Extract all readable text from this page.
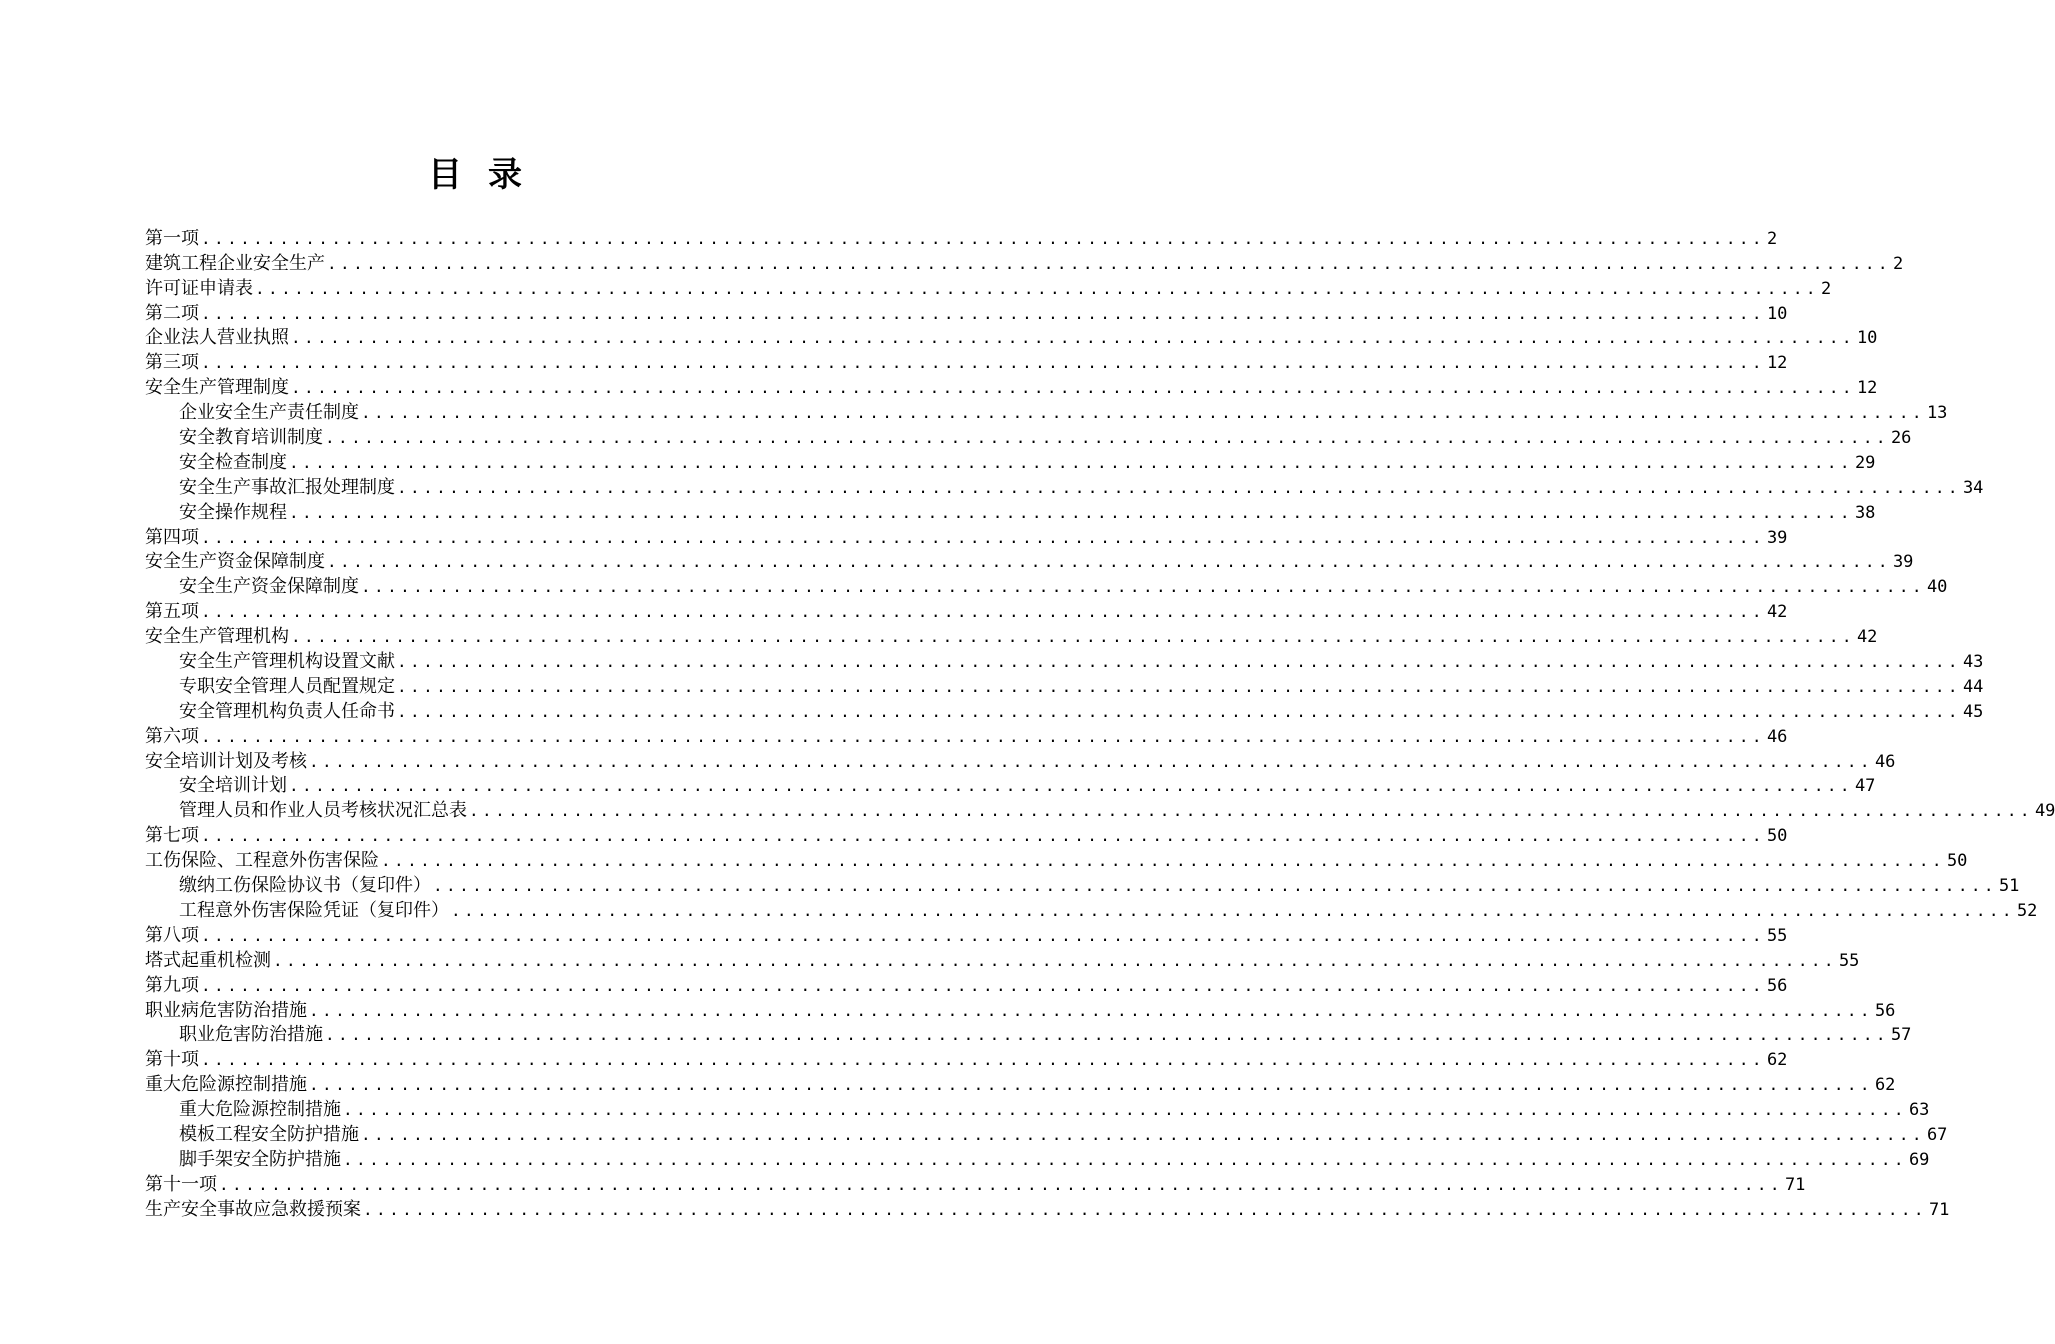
目录
第一项 ........................................................................................................................ 2
建筑工程企业安全生产 ........................................................................................................................ 2
许可证申请表 ........................................................................................................................ 2
第二项 ........................................................................................................................ 10
企业法人营业执照 ........................................................................................................................ 10
第三项 ........................................................................................................................ 12
安全生产管理制度 ........................................................................................................................ 12
企业安全生产责任制度 ........................................................................................................................ 13
安全教育培训制度 ........................................................................................................................ 26
安全检查制度 ........................................................................................................................ 29
安全生产事故汇报处理制度 ........................................................................................................................ 34
安全操作规程 ........................................................................................................................ 38
第四项 ........................................................................................................................ 39
安全生产资金保障制度 ........................................................................................................................ 39
安全生产资金保障制度 ........................................................................................................................ 40
第五项 ........................................................................................................................ 42
安全生产管理机构 ........................................................................................................................ 42
安全生产管理机构设置文献 ........................................................................................................................ 43
专职安全管理人员配置规定 ........................................................................................................................ 44
安全管理机构负责人任命书 ........................................................................................................................ 45
第六项 ........................................................................................................................ 46
安全培训计划及考核 ........................................................................................................................ 46
安全培训计划 ........................................................................................................................ 47
管理人员和作业人员考核状况汇总表 ........................................................................................................................ 49
第七项 ........................................................................................................................ 50
工伤保险、工程意外伤害保险 ........................................................................................................................ 50
缴纳工伤保险协议书（复印件） ........................................................................................................................ 51
工程意外伤害保险凭证（复印件） ........................................................................................................................ 52
第八项 ........................................................................................................................ 55
塔式起重机检测 ........................................................................................................................ 55
第九项 ........................................................................................................................ 56
职业病危害防治措施 ........................................................................................................................ 56
职业危害防治措施 ........................................................................................................................ 57
第十项 ........................................................................................................................ 62
重大危险源控制措施 ........................................................................................................................ 62
重大危险源控制措施 ........................................................................................................................ 63
模板工程安全防护措施 ........................................................................................................................ 67
脚手架安全防护措施 ........................................................................................................................ 69
第十一项 ........................................................................................................................ 71
生产安全事故应急救援预案 ........................................................................................................................ 71
